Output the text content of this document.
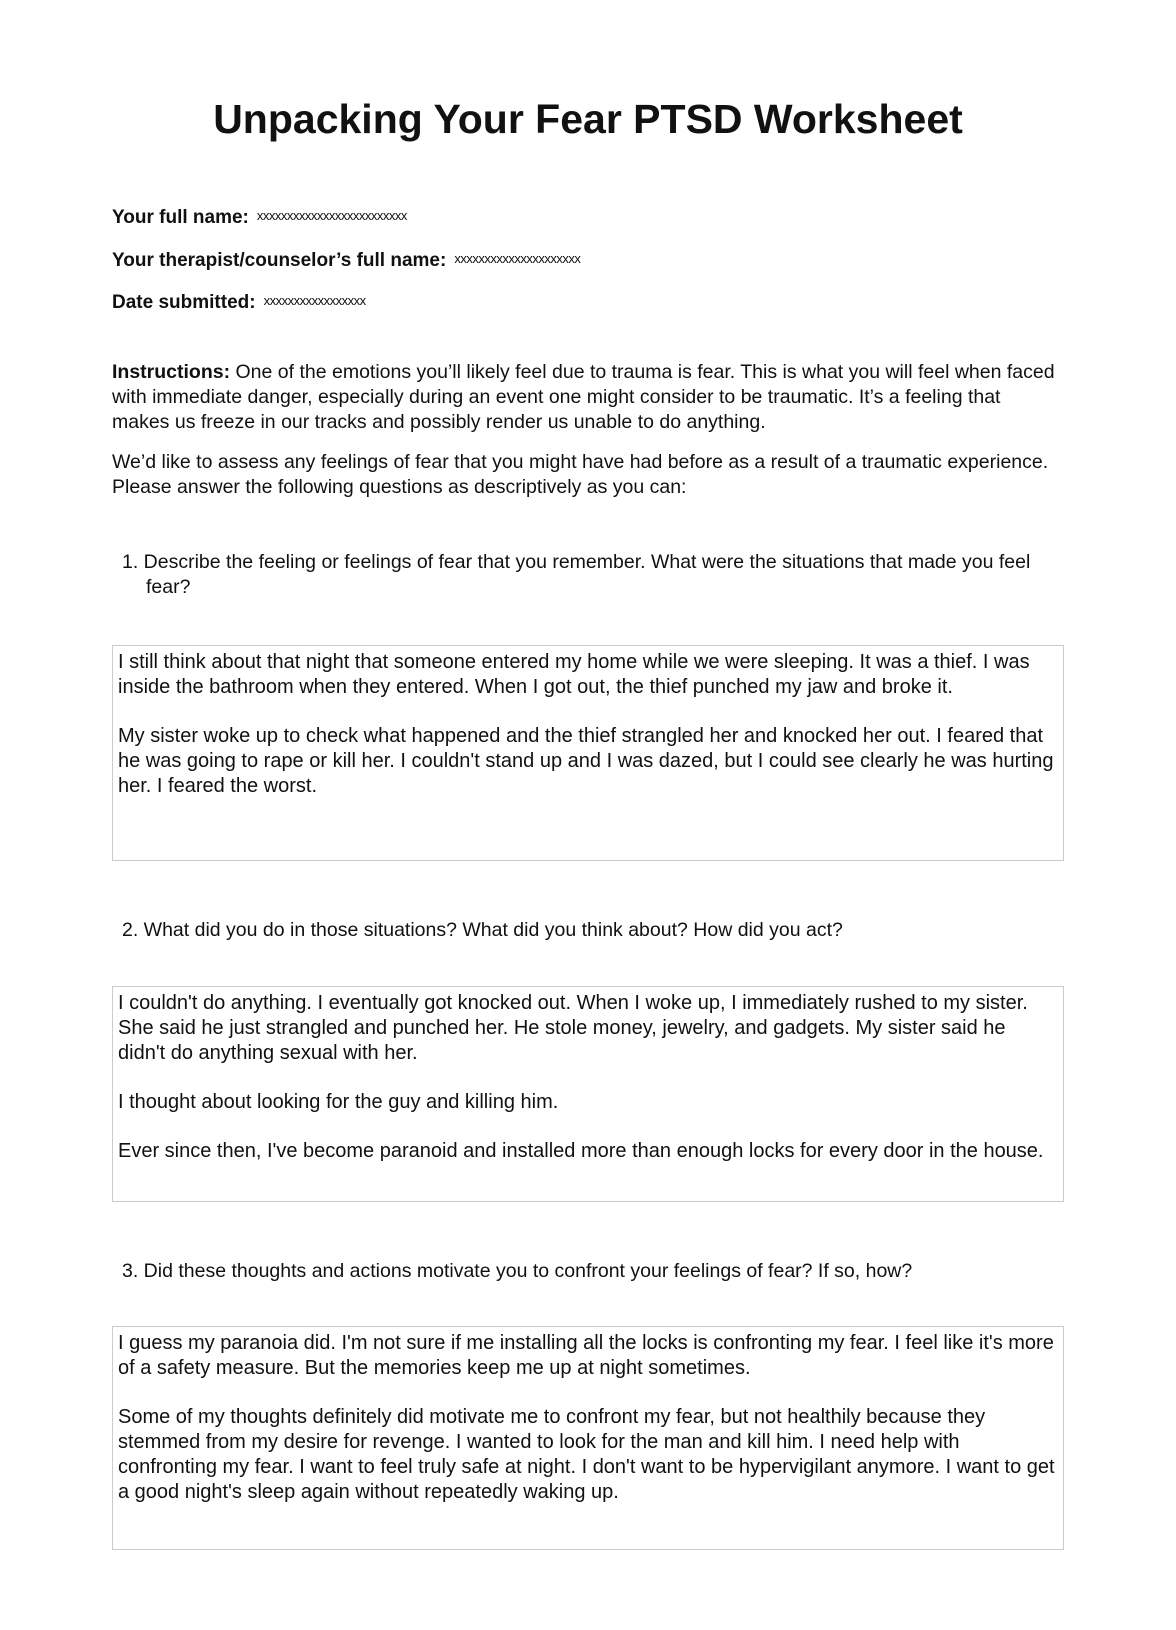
Unpacking Your Fear PTSD Worksheet
Your full name: xxxxxxxxxxxxxxxxxxxxxxxxx
Your therapist/counselor’s full name: xxxxxxxxxxxxxxxxxxxxx
Date submitted: xxxxxxxxxxxxxxxxx

Instructions: One of the emotions you’ll likely feel due to trauma is fear. This is what you will feel when faced with immediate danger, especially during an event one might consider to be traumatic. It’s a feeling that makes us freeze in our tracks and possibly render us unable to do anything.

We’d like to assess any feelings of fear that you might have had before as a result of a traumatic experience. Please answer the following questions as descriptively as you can:

1. Describe the feeling or feelings of fear that you remember. What were the situations that made you feel fear?

I still think about that night that someone entered my home while we were sleeping. It was a thief. I was inside the bathroom when they entered. When I got out, the thief punched my jaw and broke it.

My sister woke up to check what happened and the thief strangled her and knocked her out. I feared that he was going to rape or kill her. I couldn't stand up and I was dazed, but I could see clearly he was hurting her. I feared the worst.

2. What did you do in those situations? What did you think about? How did you act?

I couldn't do anything. I eventually got knocked out. When I woke up, I immediately rushed to my sister. She said he just strangled and punched her. He stole money, jewelry, and gadgets. My sister said he didn't do anything sexual with her.

I thought about looking for the guy and killing him.

Ever since then, I've become paranoid and installed more than enough locks for every door in the house.

3. Did these thoughts and actions motivate you to confront your feelings of fear? If so, how?

I guess my paranoia did. I'm not sure if me installing all the locks is confronting my fear. I feel like it's more of a safety measure. But the memories keep me up at night sometimes.

Some of my thoughts definitely did motivate me to confront my fear, but not healthily because they stemmed from my desire for revenge. I wanted to look for the man and kill him. I need help with confronting my fear. I want to feel truly safe at night. I don't want to be hypervigilant anymore. I want to get a good night's sleep again without repeatedly waking up.
